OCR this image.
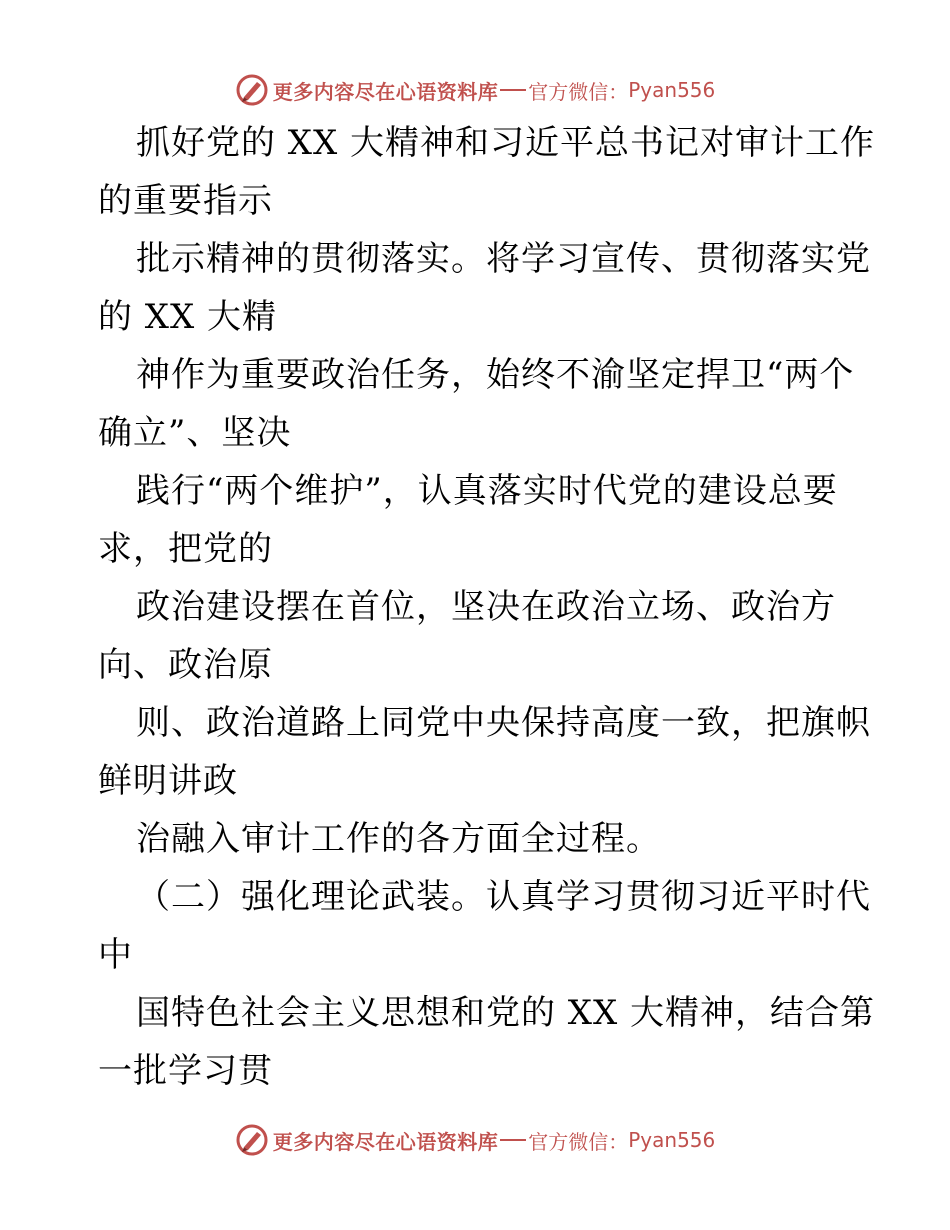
更多内容尽在心语资料库 官方微信： Pyan556
抓好党的 XX 大精神和习近平总书记对审计工作
的重要指示
批示精神的贯彻落实。将学习宣传、贯彻落实党
的 XX 大精
神作为重要政治任务，始终不渝坚定捍卫“两个
确立”、坚决
践行“两个维护”，认真落实时代党的建设总要
求，把党的
政治建设摆在首位，坚决在政治立场、政治方
向、政治原
则、政治道路上同党中央保持高度一致，把旗帜
鲜明讲政
治融入审计工作的各方面全过程。
（二）强化理论武装。认真学习贯彻习近平时代
中
国特色社会主义思想和党的 XX 大精神，结合第
一批学习贯
更多内容尽在心语资料库 官方微信： Pyan556
